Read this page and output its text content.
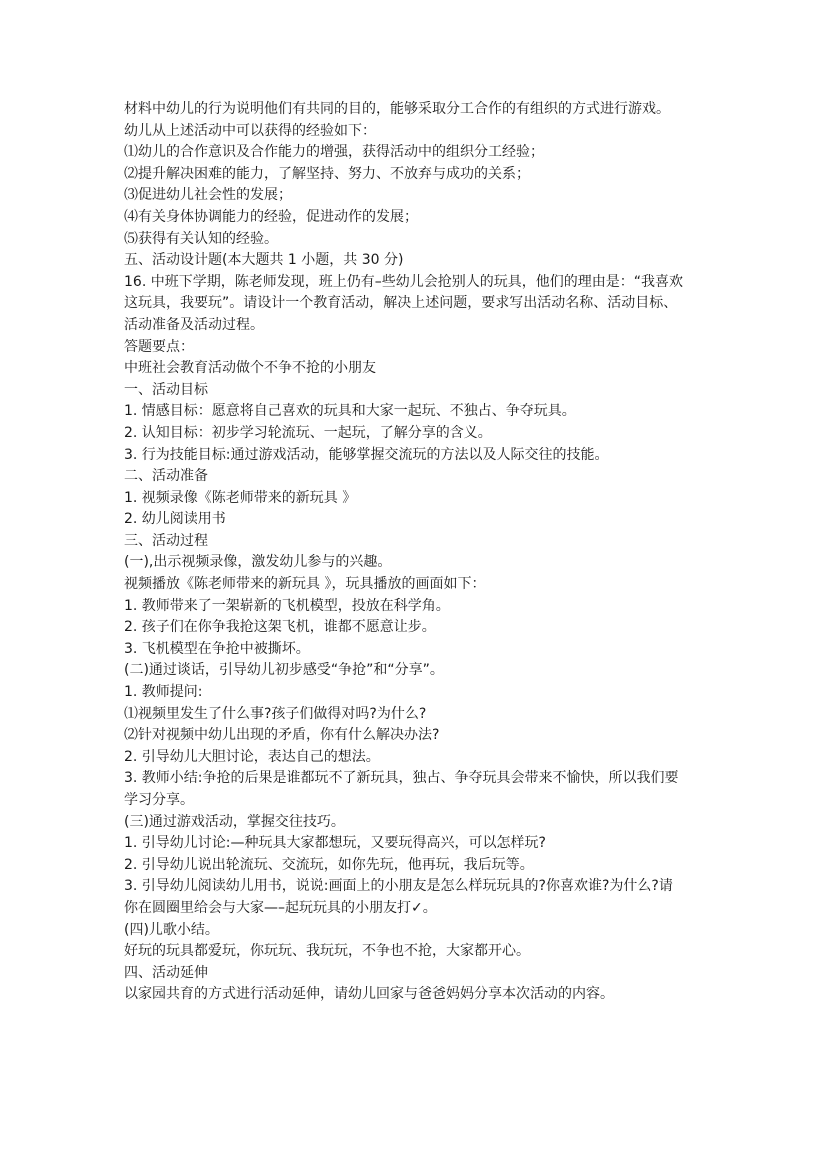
材料中幼儿的行为说明他们有共同的目的，能够采取分工合作的有组织的方式进行游戏。
幼儿从上述活动中可以获得的经验如下：
⑴幼儿的合作意识及合作能力的增强，获得活动中的组织分工经验；
⑵提升解决困难的能力，了解坚持、努力、不放弃与成功的关系；
⑶促进幼儿社会性的发展；
⑷有关身体协调能力的经验，促进动作的发展；
⑸获得有关认知的经验。
五、活动设计题(本大题共 1 小题，共 30 分)
16. 中班下学期，陈老师发现，班上仍有–些幼儿会抢别人的玩具，他们的理由是：“我喜欢
这玩具，我要玩”。请设计一个教育活动，解决上述问题，要求写出活动名称、活动目标、
活动准备及活动过程。
答题要点：
中班社会教育活动做个不争不抢的小朋友
一、活动目标
1. 情感目标：愿意将自己喜欢的玩具和大家一起玩、不独占、争夺玩具。
2. 认知目标：初步学习轮流玩、一起玩，了解分享的含义。
3. 行为技能目标:通过游戏活动，能够掌握交流玩的方法以及人际交往的技能。
二、活动准备
1. 视频录像《陈老师带来的新玩具 》
2. 幼儿阅读用书
三、活动过程
(一),出示视频录像，激发幼儿参与的兴趣。
视频播放《陈老师带来的新玩具 》，玩具播放的画面如下：
1. 教师带来了一架崭新的飞机模型，投放在科学角。
2. 孩子们在你争我抢这架飞机，谁都不愿意让步。
3. 飞机模型在争抢中被撕坏。
(二)通过谈话，引导幼儿初步感受“争抢”和“分享”。
1. 教师提问:
⑴视频里发生了什么事?孩子们做得对吗?为什么?
⑵针对视频中幼儿出现的矛盾，你有什么解决办法?
2. 引导幼儿大胆讨论，表达自己的想法。
3. 教师小结:争抢的后果是谁都玩不了新玩具，独占、争夺玩具会带来不愉快，所以我们要
学习分享。
(三)通过游戏活动，掌握交往技巧。
1. 引导幼儿讨论:—种玩具大家都想玩，又要玩得高兴，可以怎样玩?
2. 引导幼儿说出轮流玩、交流玩，如你先玩，他再玩，我后玩等。
3. 引导幼儿阅读幼儿用书，说说:画面上的小朋友是怎么样玩玩具的?你喜欢谁?为什么?请
你在圆圈里给会与大家—–起玩玩具的小朋友打✓。
(四)儿歌小结。
好玩的玩具都爱玩，你玩玩、我玩玩，不争也不抢，大家都开心。
四、活动延伸
以家园共育的方式进行活动延伸，请幼儿回家与爸爸妈妈分享本次活动的内容。
